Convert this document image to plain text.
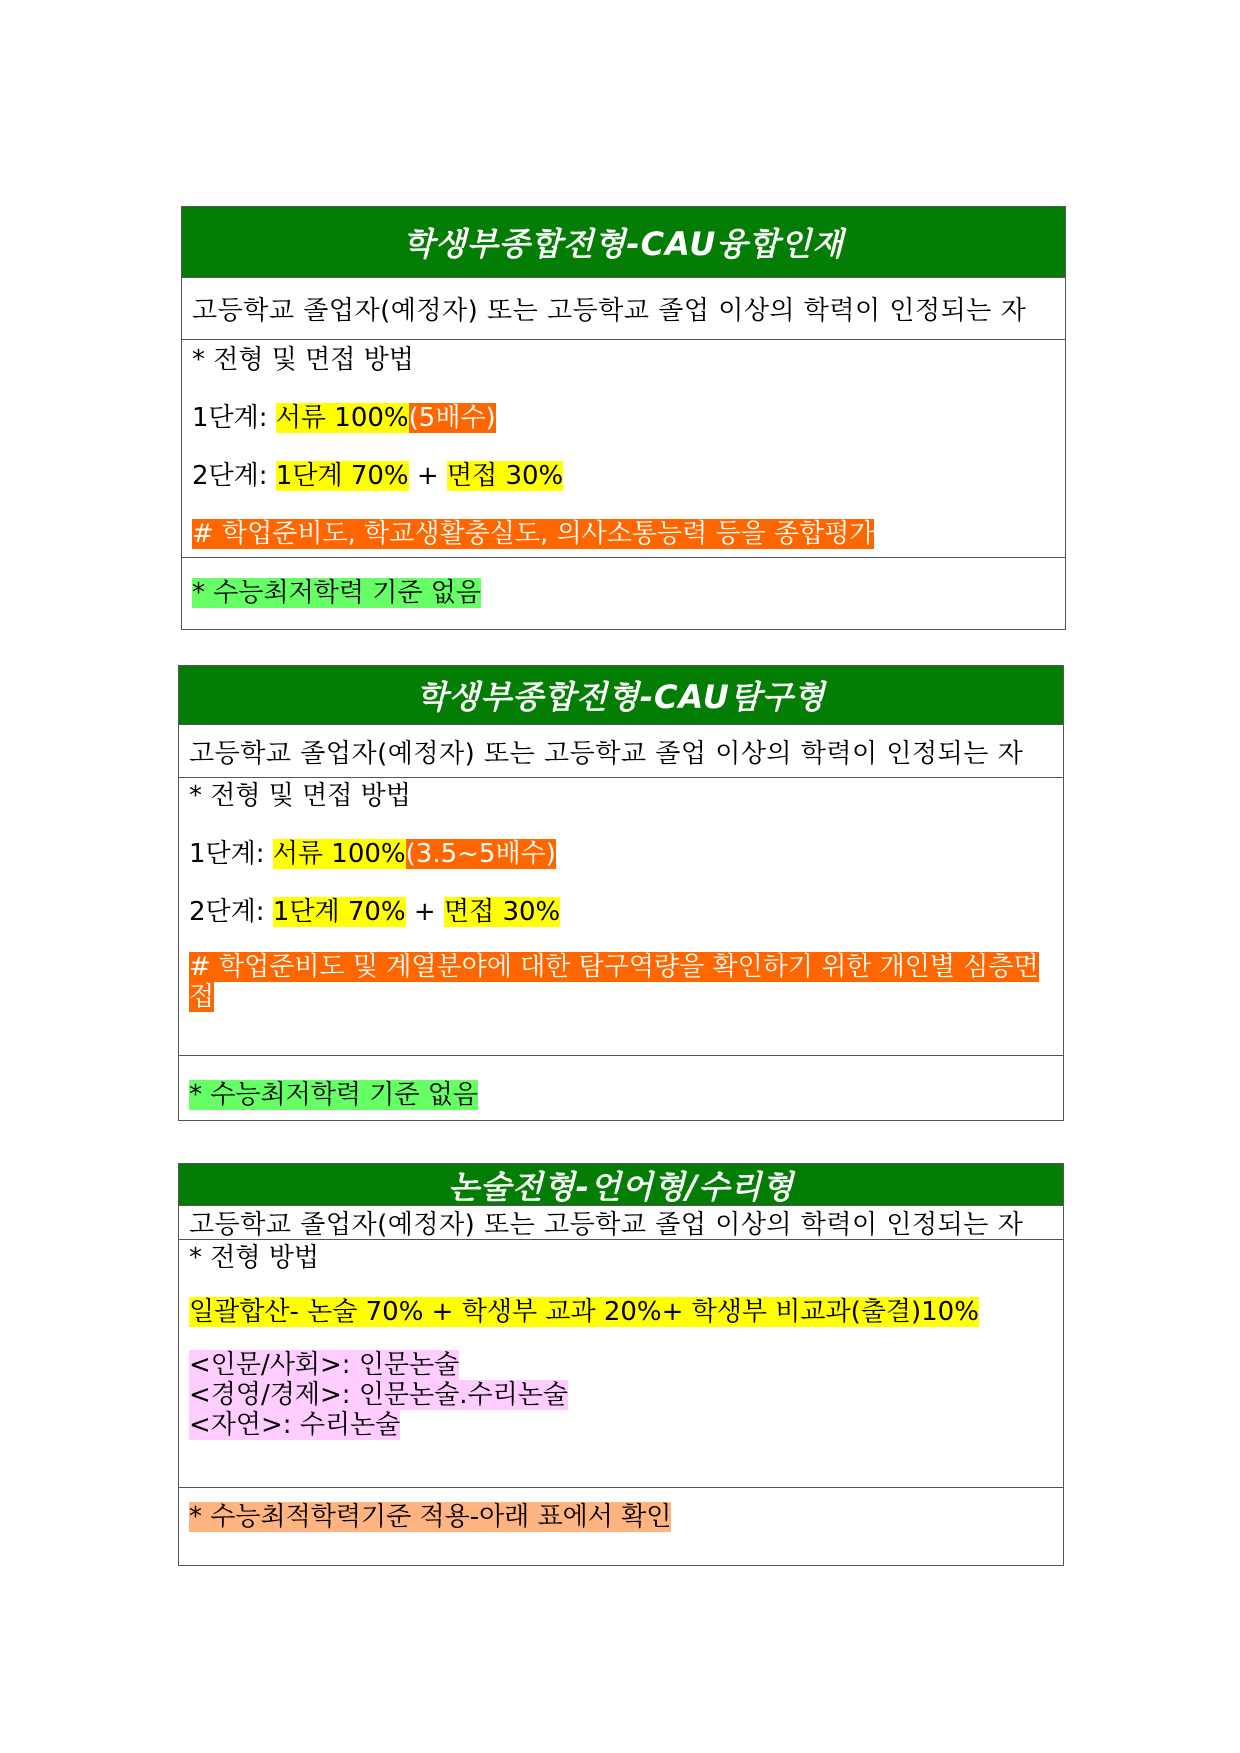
학생부종합전형-CAU융합인재
고등학교 졸업자(예정자) 또는 고등학교 졸업 이상의 학력이 인정되는 자
* 전형 및 면접 방법
1단계: 서류 100%(5배수)
2단계: 1단계 70% + 면접 30%
# 학업준비도, 학교생활충실도, 의사소통능력 등을 종합평가
* 수능최저학력 기준 없음
학생부종합전형-CAU탐구형
고등학교 졸업자(예정자) 또는 고등학교 졸업 이상의 학력이 인정되는 자
* 전형 및 면접 방법
1단계: 서류 100%(3.5~5배수)
2단계: 1단계 70% + 면접 30%
# 학업준비도 및 계열분야에 대한 탐구역량을 확인하기 위한 개인별 심층면접
* 수능최저학력 기준 없음
논술전형-언어형/수리형
고등학교 졸업자(예정자) 또는 고등학교 졸업 이상의 학력이 인정되는 자
* 전형 방법
일괄합산- 논술 70% + 학생부 교과 20%+ 학생부 비교과(출결)10%
<인문/사회>: 인문논술
<경영/경제>: 인문논술.수리논술
<자연>: 수리논술
* 수능최적학력기준 적용-아래 표에서 확인
